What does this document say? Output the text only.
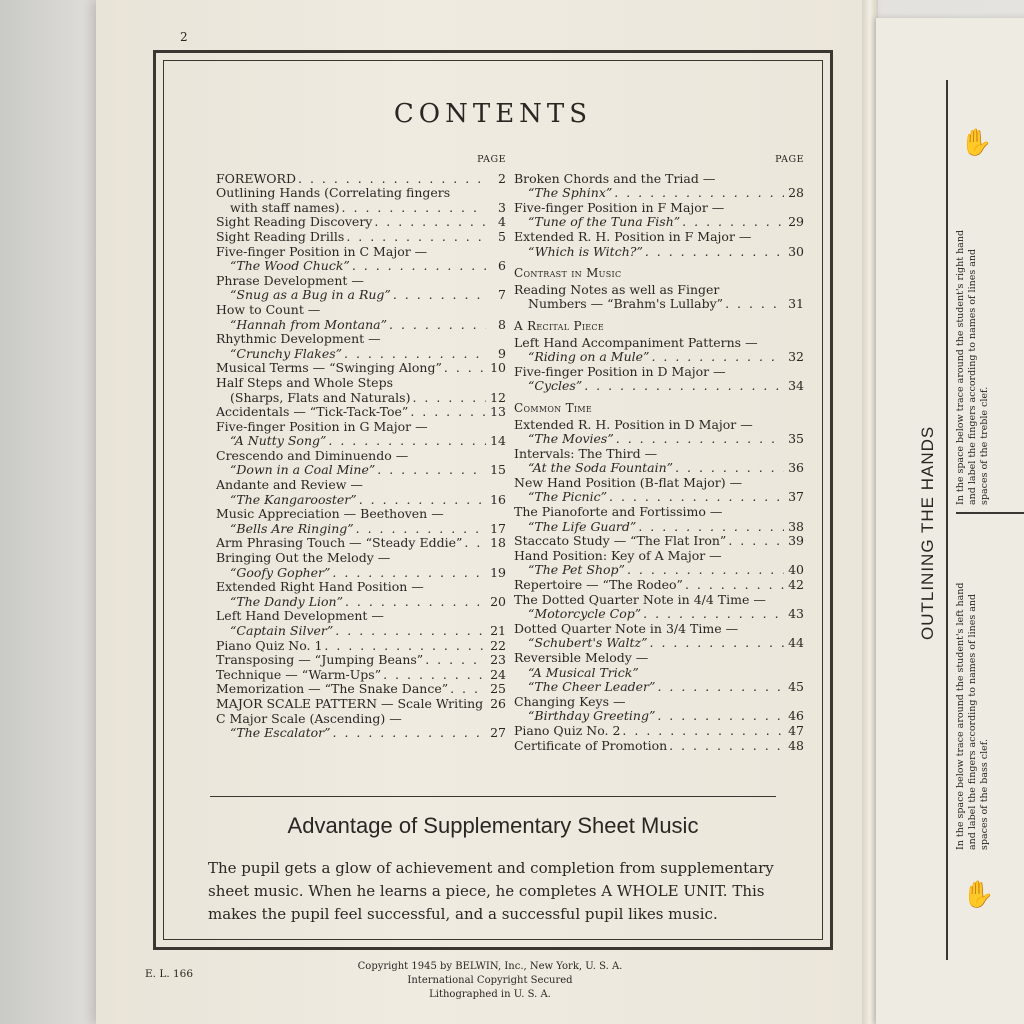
2
CONTENTS
PAGE
FOREWORD . . .	2
Outlining Hands (Correlating fingers
with staff names) . . .	3
Sight Reading Discovery . . .	4
Sight Reading Drills . . .	5
Five-finger Position in C Major —
“The Wood Chuck” . . .	6
Phrase Development —
“Snug as a Bug in a Rug” . . .	7
How to Count —
“Hannah from Montana” . . .	8
Rhythmic Development —
“Crunchy Flakes” . . .	9
Musical Terms — “Swinging Along” . . .	10
Half Steps and Whole Steps
(Sharps, Flats and Naturals) . . .	12
Accidentals — “Tick-Tack-Toe” . . .	13
Five-finger Position in G Major —
“A Nutty Song” . . .	14
Crescendo and Diminuendo —
“Down in a Coal Mine” . . .	15
Andante and Review —
“The Kangarooster” . . .	16
Music Appreciation — Beethoven —
“Bells Are Ringing” . . .	17
Arm Phrasing Touch — “Steady Eddie” . . . 18
Bringing Out the Melody —
“Goofy Gopher” . . .	19
Extended Right Hand Position —
“The Dandy Lion” . . .	20
Left Hand Development —
“Captain Silver” . . .	21
Piano Quiz No. 1 . . .	22
Transposing — “Jumping Beans” . . .	23
Technique — “Warm-Ups” . . .	24
Memorization — “The Snake Dance” . . .	25
MAJOR SCALE PATTERN — Scale Writing . . . 26
C Major Scale (Ascending) —
“The Escalator” . . .	27
PAGE
Broken Chords and the Triad —
“The Sphinx” . . .	28
Five-finger Position in F Major —
“Tune of the Tuna Fish” . . .	29
Extended R. H. Position in F Major —
“Which is Witch?” . . .	30
Contrast in Music
Reading Notes as well as Finger
Numbers — “Brahm's Lullaby” . . .	31
A Recital Piece
Left Hand Accompaniment Patterns —
“Riding on a Mule” . . .	32
Five-finger Position in D Major —
“Cycles” . . .	34
Common Time
Extended R. H. Position in D Major —
“The Movies” . . .	35
Intervals: The Third —
“At the Soda Fountain” . . .	36
New Hand Position (B-flat Major) —
“The Picnic” . . .	37
The Pianoforte and Fortissimo —
“The Life Guard” . . .	38
Staccato Study — “The Flat Iron” . . .	39
Hand Position: Key of A Major —
“The Pet Shop” . . .	40
Repertoire — “The Rodeo” . . .	42
The Dotted Quarter Note in 4/4 Time —
“Motorcycle Cop” . . .	43
Dotted Quarter Note in 3/4 Time —
“Schubert's Waltz” . . .	44
Reversible Melody —
“A Musical Trick”
“The Cheer Leader” . . .	45
Changing Keys —
“Birthday Greeting” . . .	46
Piano Quiz No. 2 . . .	47
Certificate of Promotion . . .	48
Advantage of Supplementary Sheet Music
The pupil gets a glow of achievement and completion from supplementary sheet music. When he learns a piece, he completes A WHOLE UNIT. This makes the pupil feel successful, and a successful pupil likes music.
E. L. 166
Copyright 1945 by BELWIN, Inc., New York, U. S. A.
International Copyright Secured
Lithographed in U. S. A.
OUTLINING THE HANDS
In the space below trace around the student's right hand and label the fingers according to names of lines and spaces of the treble clef.
In the space below trace around the student's left hand and label the fingers according to names of lines and spaces of the bass clef.
✋
✋
